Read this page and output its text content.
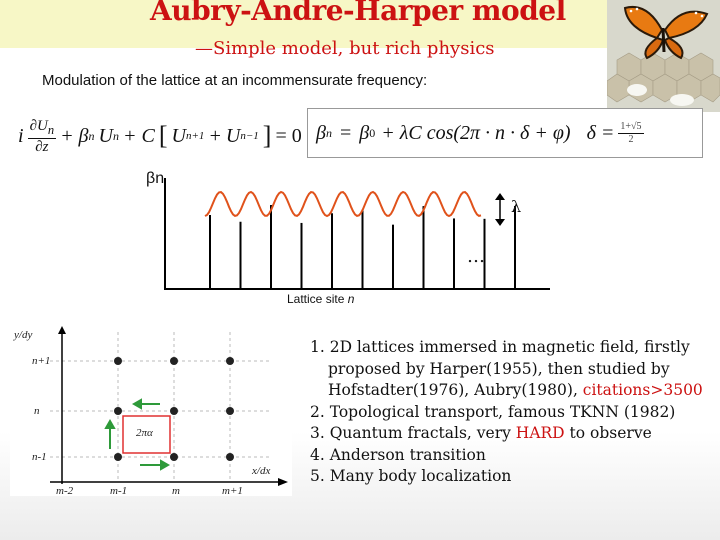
Aubry-Andre-Harper model
—Simple model, but rich physics
Modulation of the lattice at an incommensurate frequency:
i $\frac{\partial U_n}{\partial z} + \beta$ n U n + C [ U n+1 + U n−1 ] = 0 β n = β 0 + λC cos(2π · n · δ + φ) $\delta = \frac{1+√5}{2}$
βn
λ
…
Lattice site n
2πα
y/dy
x/dx
n+1
n
n-1
m-2	m-1	m	m+1
1. 2D lattices immersed in magnetic field, firstly proposed by Harper(1955), then studied by Hofstadter(1976), Aubry(1980), citations>3500
2. Topological transport, famous TKNN (1982)
3. Quantum fractals, very HARD to observe
4. Anderson transition
5. Many body localization
